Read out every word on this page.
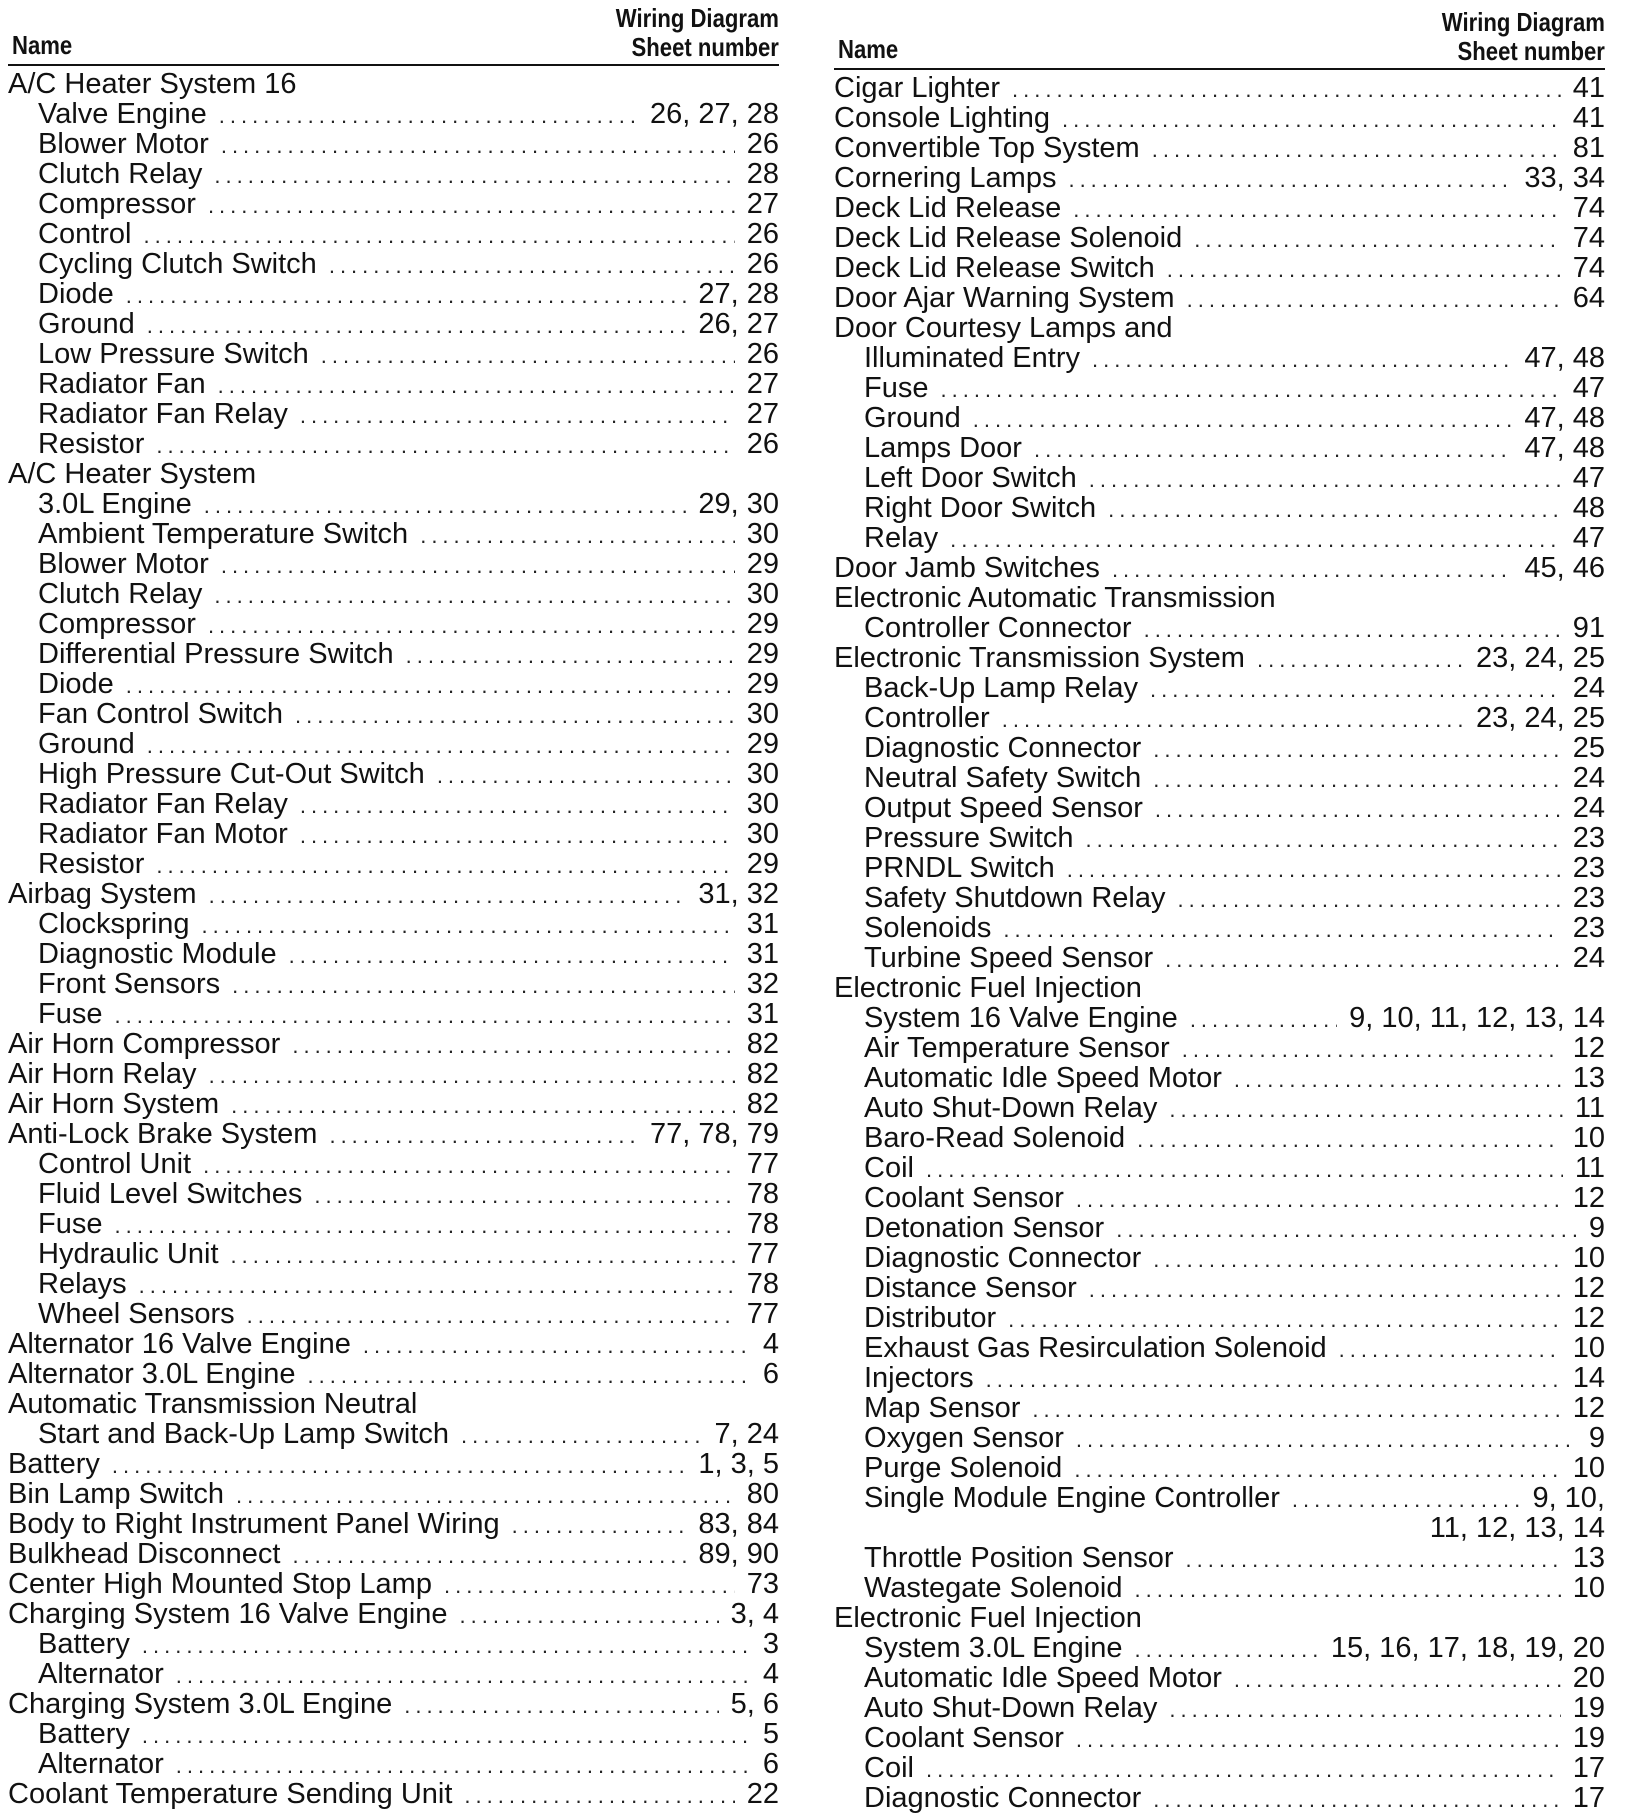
Name
Wiring Diagram
Sheet number
A/C Heater System 16
Valve Engine .....	26, 27, 28
Blower Motor .....	26
Clutch Relay .....	28
Compressor .....	27
Control .....	26
Cycling Clutch Switch .....	26
Diode .....	27, 28
Ground .....	26, 27
Low Pressure Switch .....	26
Radiator Fan .....	27
Radiator Fan Relay .....	27
Resistor .....	26
A/C Heater System
3.0L Engine .....	29, 30
Ambient Temperature Switch .....	30
Blower Motor .....	29
Clutch Relay .....	30
Compressor .....	29
Differential Pressure Switch .....	29
Diode .....	29
Fan Control Switch .....	30
Ground .....	29
High Pressure Cut-Out Switch .....	30
Radiator Fan Relay .....	30
Radiator Fan Motor .....	30
Resistor .....	29
Airbag System .....	31, 32
Clockspring .....	31
Diagnostic Module .....	31
Front Sensors .....	32
Fuse .....	31
Air Horn Compressor .....	82
Air Horn Relay .....	82
Air Horn System .....	82
Anti-Lock Brake System .....	77, 78, 79
Control Unit .....	77
Fluid Level Switches .....	78
Fuse .....	78
Hydraulic Unit .....	77
Relays .....	78
Wheel Sensors .....	77
Alternator 16 Valve Engine .....	4
Alternator 3.0L Engine .....	6
Automatic Transmission Neutral
Start and Back-Up Lamp Switch .....	7, 24
Battery .....	1, 3, 5
Bin Lamp Switch .....	80
Body to Right Instrument Panel Wiring .....	83, 84
Bulkhead Disconnect .....	89, 90
Center High Mounted Stop Lamp .....	73
Charging System 16 Valve Engine .....	3, 4
Battery .....	3
Alternator .....	4
Charging System 3.0L Engine .....	5, 6
Battery .....	5
Alternator .....	6
Coolant Temperature Sending Unit .....	22
Name
Wiring Diagram
Sheet number
Cigar Lighter .....	41
Console Lighting .....	41
Convertible Top System .....	81
Cornering Lamps .....	33, 34
Deck Lid Release .....	74
Deck Lid Release Solenoid .....	74
Deck Lid Release Switch .....	74
Door Ajar Warning System .....	64
Door Courtesy Lamps and
Illuminated Entry .....	47, 48
Fuse .....	47
Ground .....	47, 48
Lamps Door .....	47, 48
Left Door Switch .....	47
Right Door Switch .....	48
Relay .....	47
Door Jamb Switches .....	45, 46
Electronic Automatic Transmission
Controller Connector .....	91
Electronic Transmission System .....	23, 24, 25
Back-Up Lamp Relay .....	24
Controller .....	23, 24, 25
Diagnostic Connector .....	25
Neutral Safety Switch .....	24
Output Speed Sensor .....	24
Pressure Switch .....	23
PRNDL Switch .....	23
Safety Shutdown Relay .....	23
Solenoids .....	23
Turbine Speed Sensor .....	24
Electronic Fuel Injection
System 16 Valve Engine .....	9, 10, 11, 12, 13, 14
Air Temperature Sensor .....	12
Automatic Idle Speed Motor .....	13
Auto Shut-Down Relay .....	11
Baro-Read Solenoid .....	10
Coil .....	11
Coolant Sensor .....	12
Detonation Sensor .....	9
Diagnostic Connector .....	10
Distance Sensor .....	12
Distributor .....	12
Exhaust Gas Resirculation Solenoid .....	10
Injectors .....	14
Map Sensor .....	12
Oxygen Sensor .....	9
Purge Solenoid .....	10
Single Module Engine Controller .....	9, 10,
11, 12, 13, 14
Throttle Position Sensor .....	13
Wastegate Solenoid .....	10
Electronic Fuel Injection
System 3.0L Engine .....	15, 16, 17, 18, 19, 20
Automatic Idle Speed Motor .....	20
Auto Shut-Down Relay .....	19
Coolant Sensor .....	19
Coil .....	17
Diagnostic Connector .....	17
